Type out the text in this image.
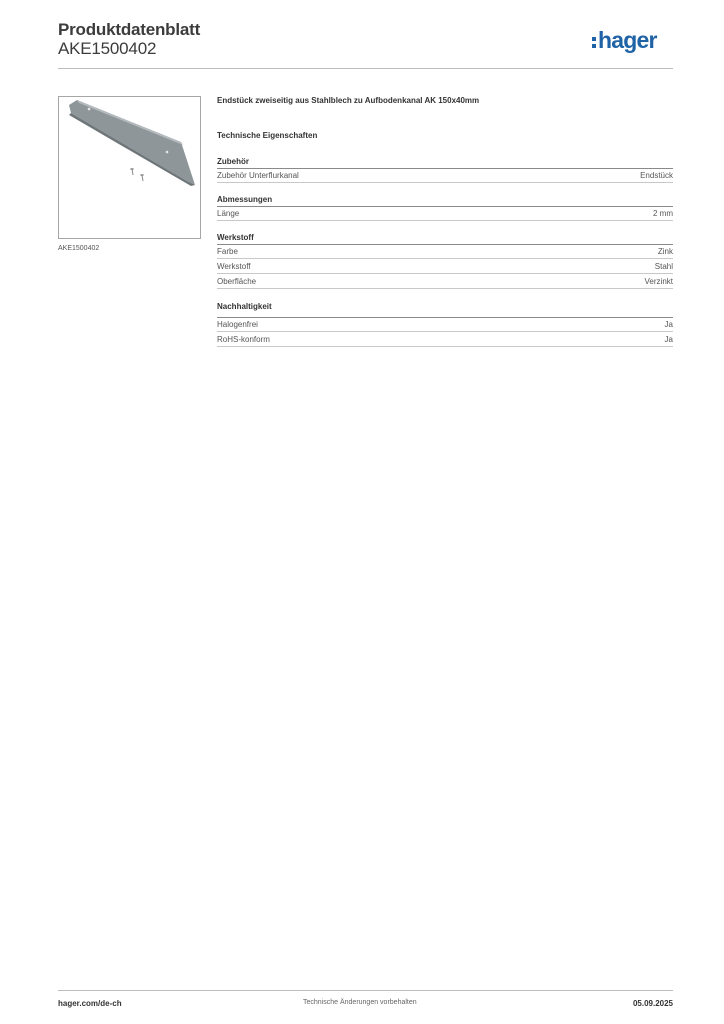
Produktdatenblatt
AKE1500402	hager
AKE1500402
Endstück zweiseitig aus Stahlblech zu Aufbodenkanal AK 150x40mm
Technische Eigenschaften
Zubehör
Zubehör Unterflurkanal	Endstück
Abmessungen
Länge	2 mm
Werkstoff
Farbe	Zink
Werkstoff	Stahl
Oberfläche	Verzinkt
Nachhaltigkeit
Halogenfrei	Ja
RoHS-konform	Ja
hager.com/de-ch	Technische Änderungen vorbehalten	05.09.2025
